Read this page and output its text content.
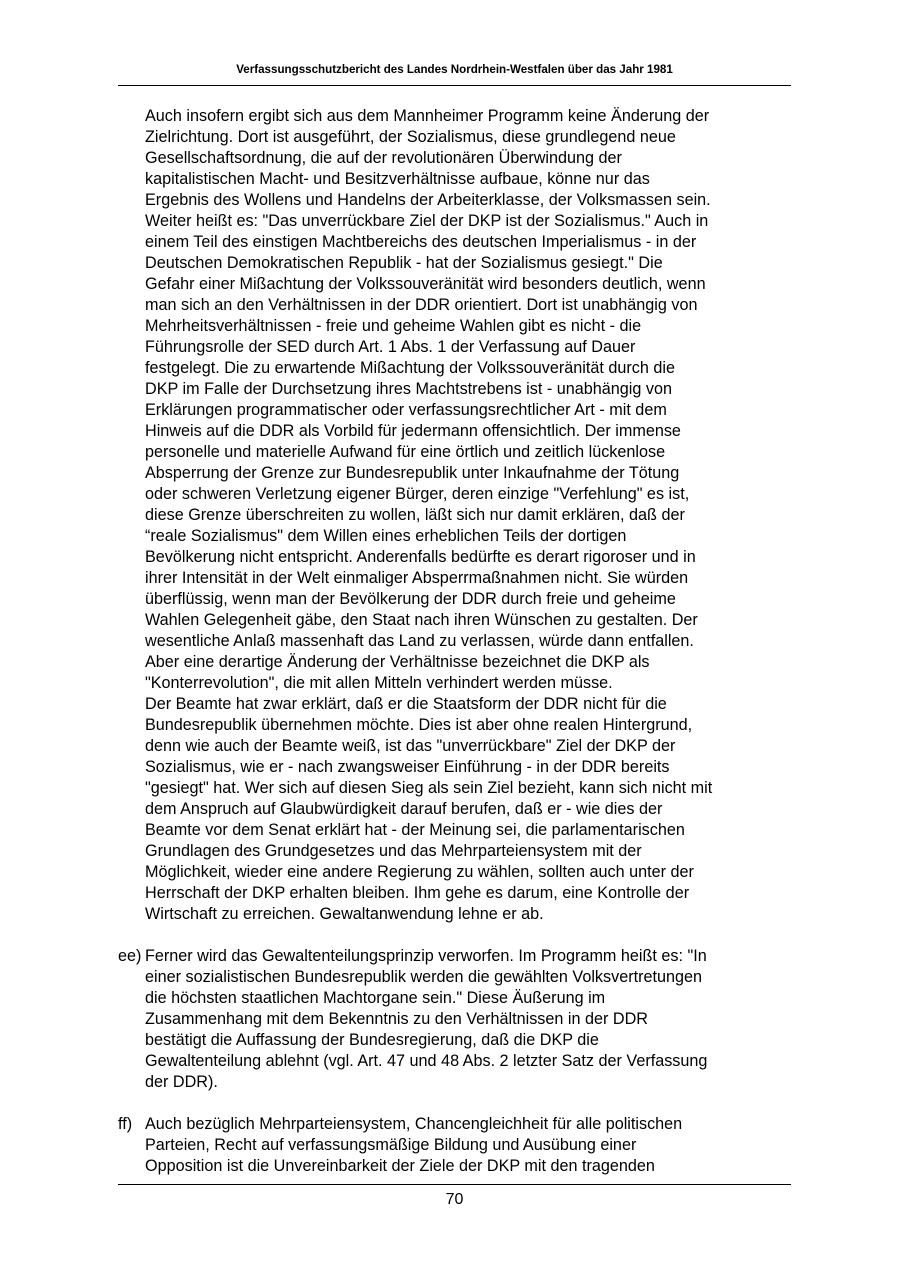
Verfassungsschutzbericht des Landes Nordrhein-Westfalen über das Jahr 1981
Auch insofern ergibt sich aus dem Mannheimer Programm keine Änderung der
Zielrichtung. Dort ist ausgeführt, der Sozialismus, diese grundlegend neue
Gesellschaftsordnung, die auf der revolutionären Überwindung der
kapitalistischen Macht- und Besitzverhältnisse aufbaue, könne nur das
Ergebnis des Wollens und Handelns der Arbeiterklasse, der Volksmassen sein.
Weiter heißt es: "Das unverrückbare Ziel der DKP ist der Sozialismus." Auch in
einem Teil des einstigen Machtbereichs des deutschen Imperialismus - in der
Deutschen Demokratischen Republik - hat der Sozialismus gesiegt." Die
Gefahr einer Mißachtung der Volkssouveränität wird besonders deutlich, wenn
man sich an den Verhältnissen in der DDR orientiert. Dort ist unabhängig von
Mehrheitsverhältnissen - freie und geheime Wahlen gibt es nicht - die
Führungsrolle der SED durch Art. 1 Abs. 1 der Verfassung auf Dauer
festgelegt. Die zu erwartende Mißachtung der Volkssouveränität durch die
DKP im Falle der Durchsetzung ihres Machtstrebens ist - unabhängig von
Erklärungen programmatischer oder verfassungsrechtlicher Art - mit dem
Hinweis auf die DDR als Vorbild für jedermann offensichtlich. Der immense
personelle und materielle Aufwand für eine örtlich und zeitlich lückenlose
Absperrung der Grenze zur Bundesrepublik unter Inkaufnahme der Tötung
oder schweren Verletzung eigener Bürger, deren einzige "Verfehlung" es ist,
diese Grenze überschreiten zu wollen, läßt sich nur damit erklären, daß der
“reale Sozialismus" dem Willen eines erheblichen Teils der dortigen
Bevölkerung nicht entspricht. Anderenfalls bedürfte es derart rigoroser und in
ihrer Intensität in der Welt einmaliger Absperrmaßnahmen nicht. Sie würden
überflüssig, wenn man der Bevölkerung der DDR durch freie und geheime
Wahlen Gelegenheit gäbe, den Staat nach ihren Wünschen zu gestalten. Der
wesentliche Anlaß massenhaft das Land zu verlassen, würde dann entfallen.
Aber eine derartige Änderung der Verhältnisse bezeichnet die DKP als
"Konterrevolution", die mit allen Mitteln verhindert werden müsse.
Der Beamte hat zwar erklärt, daß er die Staatsform der DDR nicht für die
Bundesrepublik übernehmen möchte. Dies ist aber ohne realen Hintergrund,
denn wie auch der Beamte weiß, ist das "unverrückbare" Ziel der DKP der
Sozialismus, wie er - nach zwangsweiser Einführung - in der DDR bereits
"gesiegt" hat. Wer sich auf diesen Sieg als sein Ziel bezieht, kann sich nicht mit
dem Anspruch auf Glaubwürdigkeit darauf berufen, daß er - wie dies der
Beamte vor dem Senat erklärt hat - der Meinung sei, die parlamentarischen
Grundlagen des Grundgesetzes und das Mehrparteiensystem mit der
Möglichkeit, wieder eine andere Regierung zu wählen, sollten auch unter der
Herrschaft der DKP erhalten bleiben. Ihm gehe es darum, eine Kontrolle der
Wirtschaft zu erreichen. Gewaltanwendung lehne er ab.
ee) Ferner wird das Gewaltenteilungsprinzip verworfen. Im Programm heißt es: "In
einer sozialistischen Bundesrepublik werden die gewählten Volksvertretungen
die höchsten staatlichen Machtorgane sein." Diese Äußerung im
Zusammenhang mit dem Bekenntnis zu den Verhältnissen in der DDR
bestätigt die Auffassung der Bundesregierung, daß die DKP die
Gewaltenteilung ablehnt (vgl. Art. 47 und 48 Abs. 2 letzter Satz der Verfassung
der DDR).
ff) Auch bezüglich Mehrparteiensystem, Chancengleichheit für alle politischen
Parteien, Recht auf verfassungsmäßige Bildung und Ausübung einer
Opposition ist die Unvereinbarkeit der Ziele der DKP mit den tragenden
70
